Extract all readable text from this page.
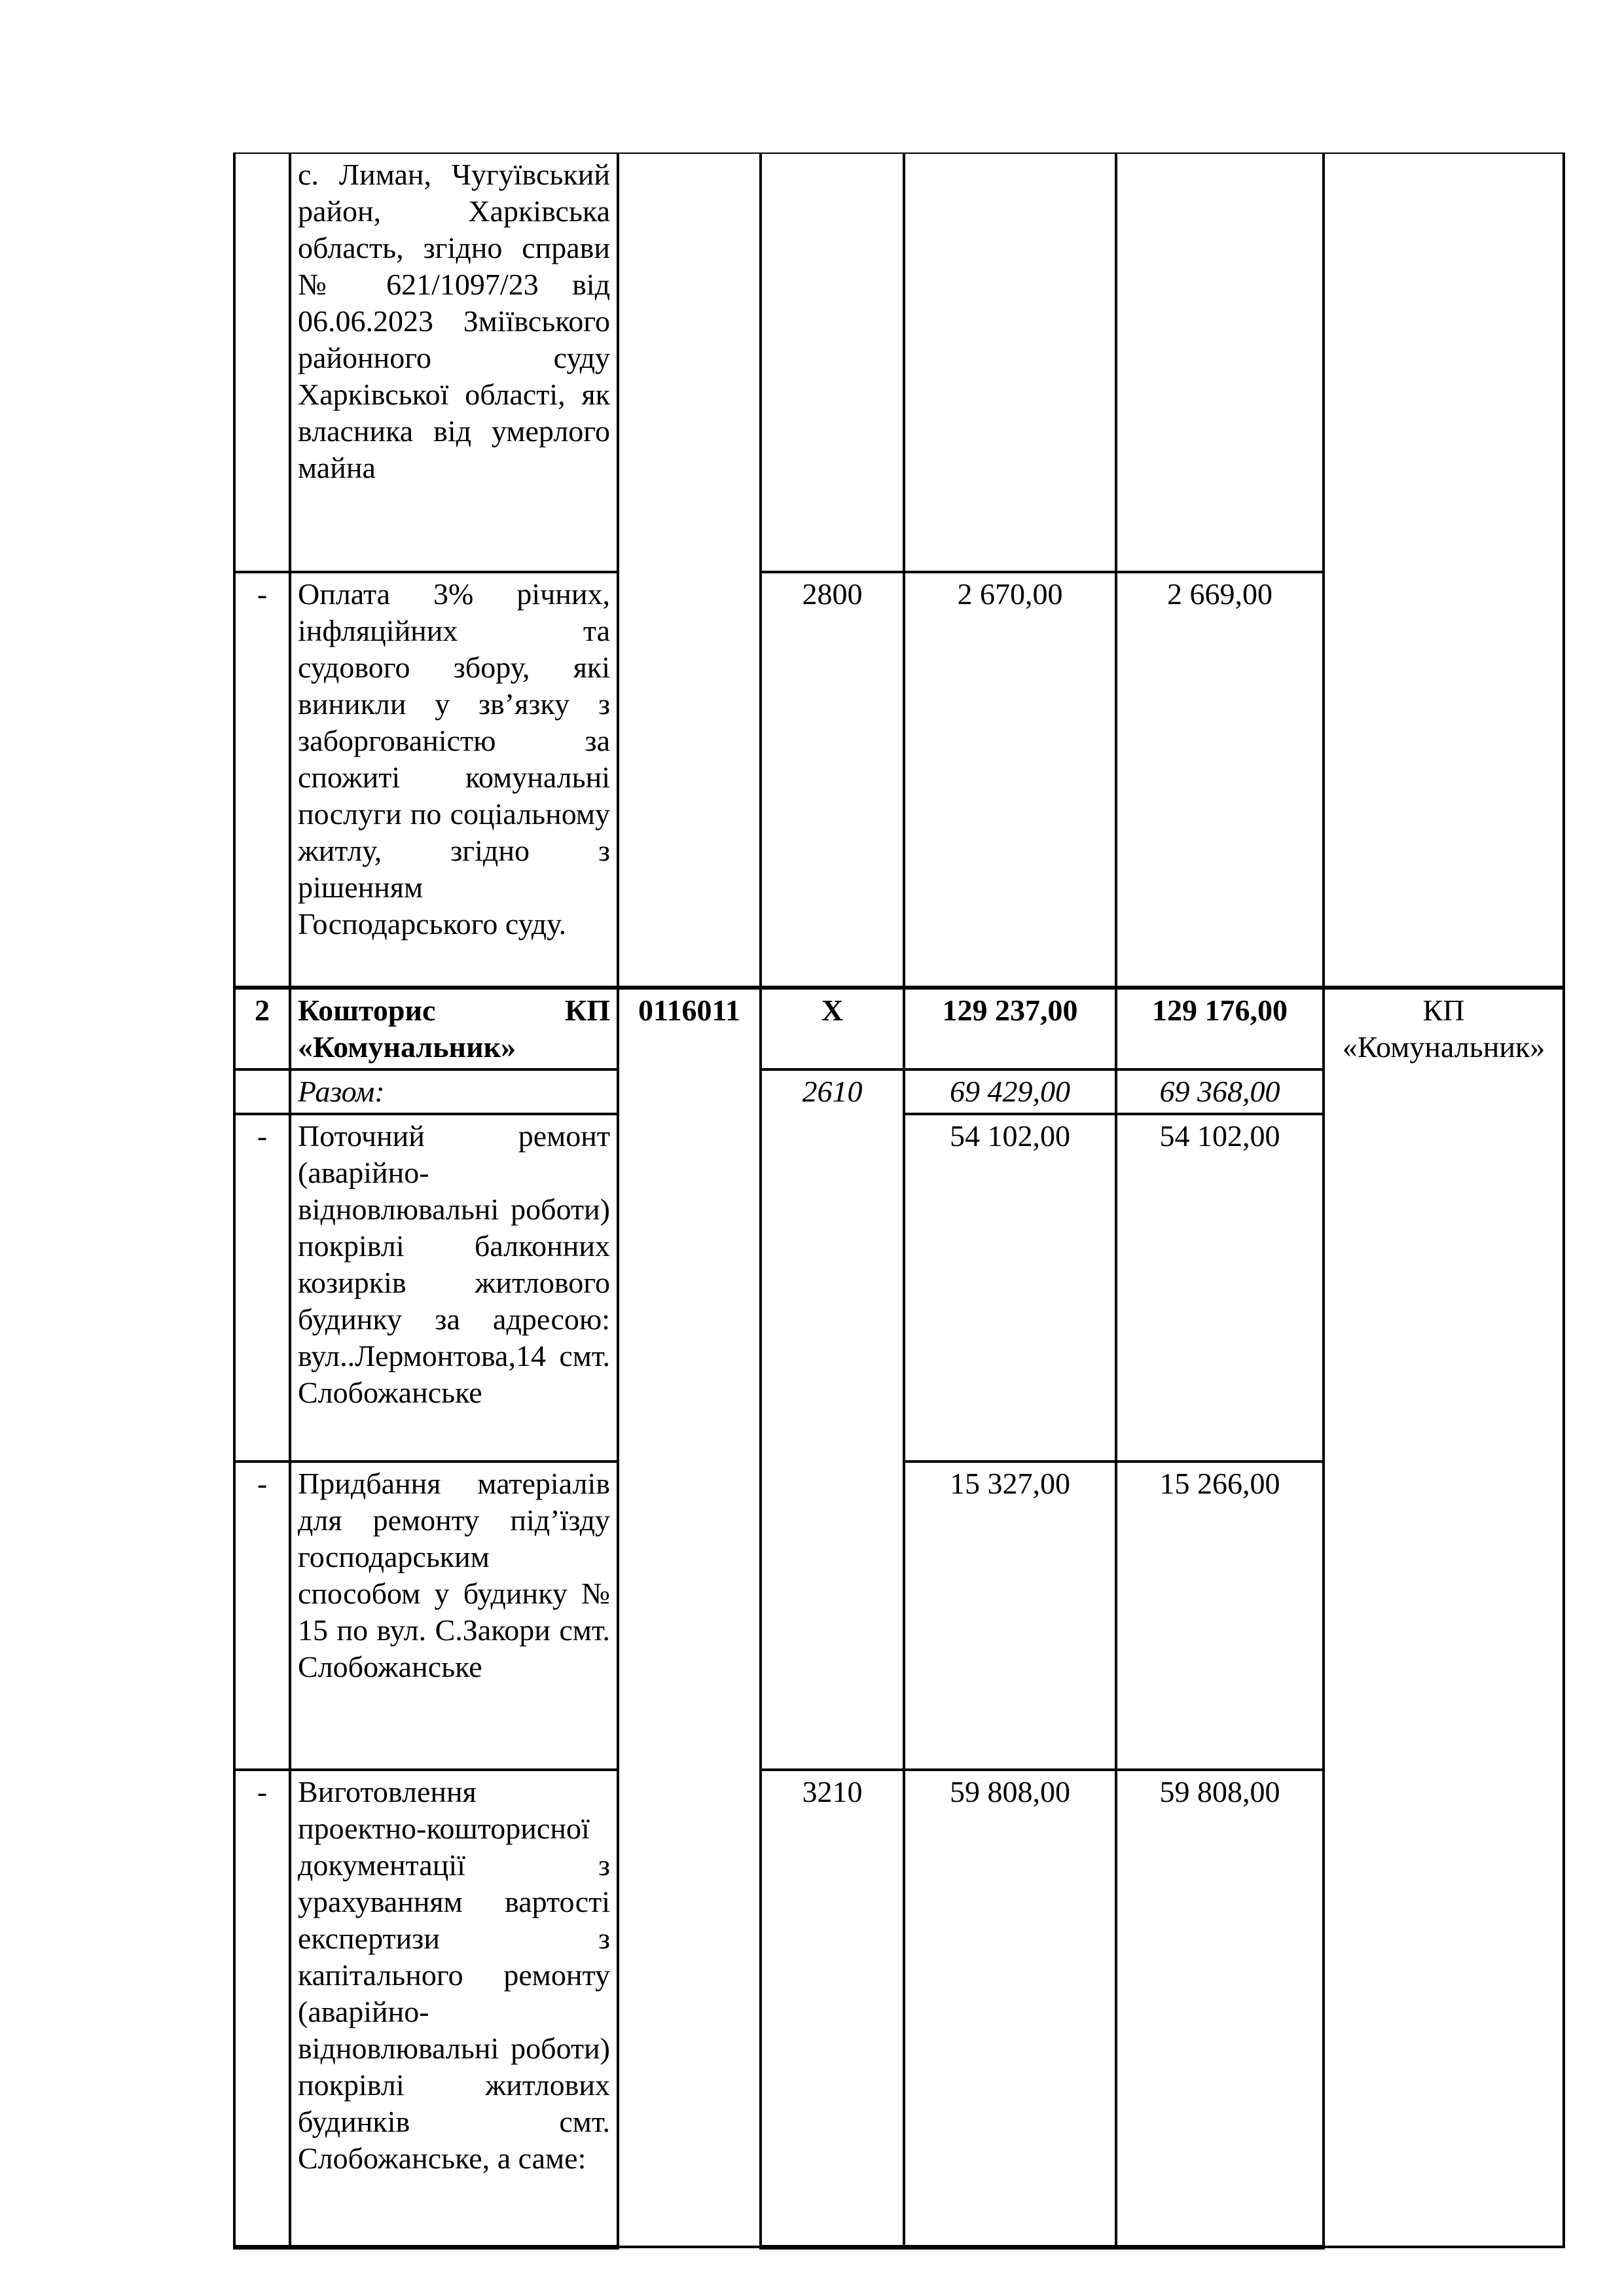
	с. Лиман, Чугуївський район, Харківська область, згідно справи № 621/1097/23 від 06.06.2023 Зміївського районного суду Харківської області, як власника від умерлого майна					
-	Оплата 3% річних, інфляційних та судового збору, які виникли у зв’язку з заборгованістю за спожиті комунальні послуги по соціальному житлу, згідно з рішенням Господарського суду.		2800	2 670,00	2 669,00	
2	Кошторис КП «Комунальник»	0116011	X	129 237,00	129 176,00	КП «Комунальник»
	Разом:		2610	69 429,00	69 368,00	
-	Поточний ремонт (аварійно-відновлювальні роботи) покрівлі балконних козирків житлового будинку за адресою: вул..Лермонтова,14 смт. Слобожанське			54 102,00	54 102,00	
-	Придбання матеріалів для ремонту під’їзду господарським способом у будинку № 15 по вул. С.Закори смт. Слобожанське			15 327,00	15 266,00	
-	Виготовлення проектно-кошторисної документації з урахуванням вартості експертизи з капітального ремонту (аварійно-відновлювальні роботи) покрівлі житлових будинків смт. Слобожанське, а саме:		3210	59 808,00	59 808,00	
